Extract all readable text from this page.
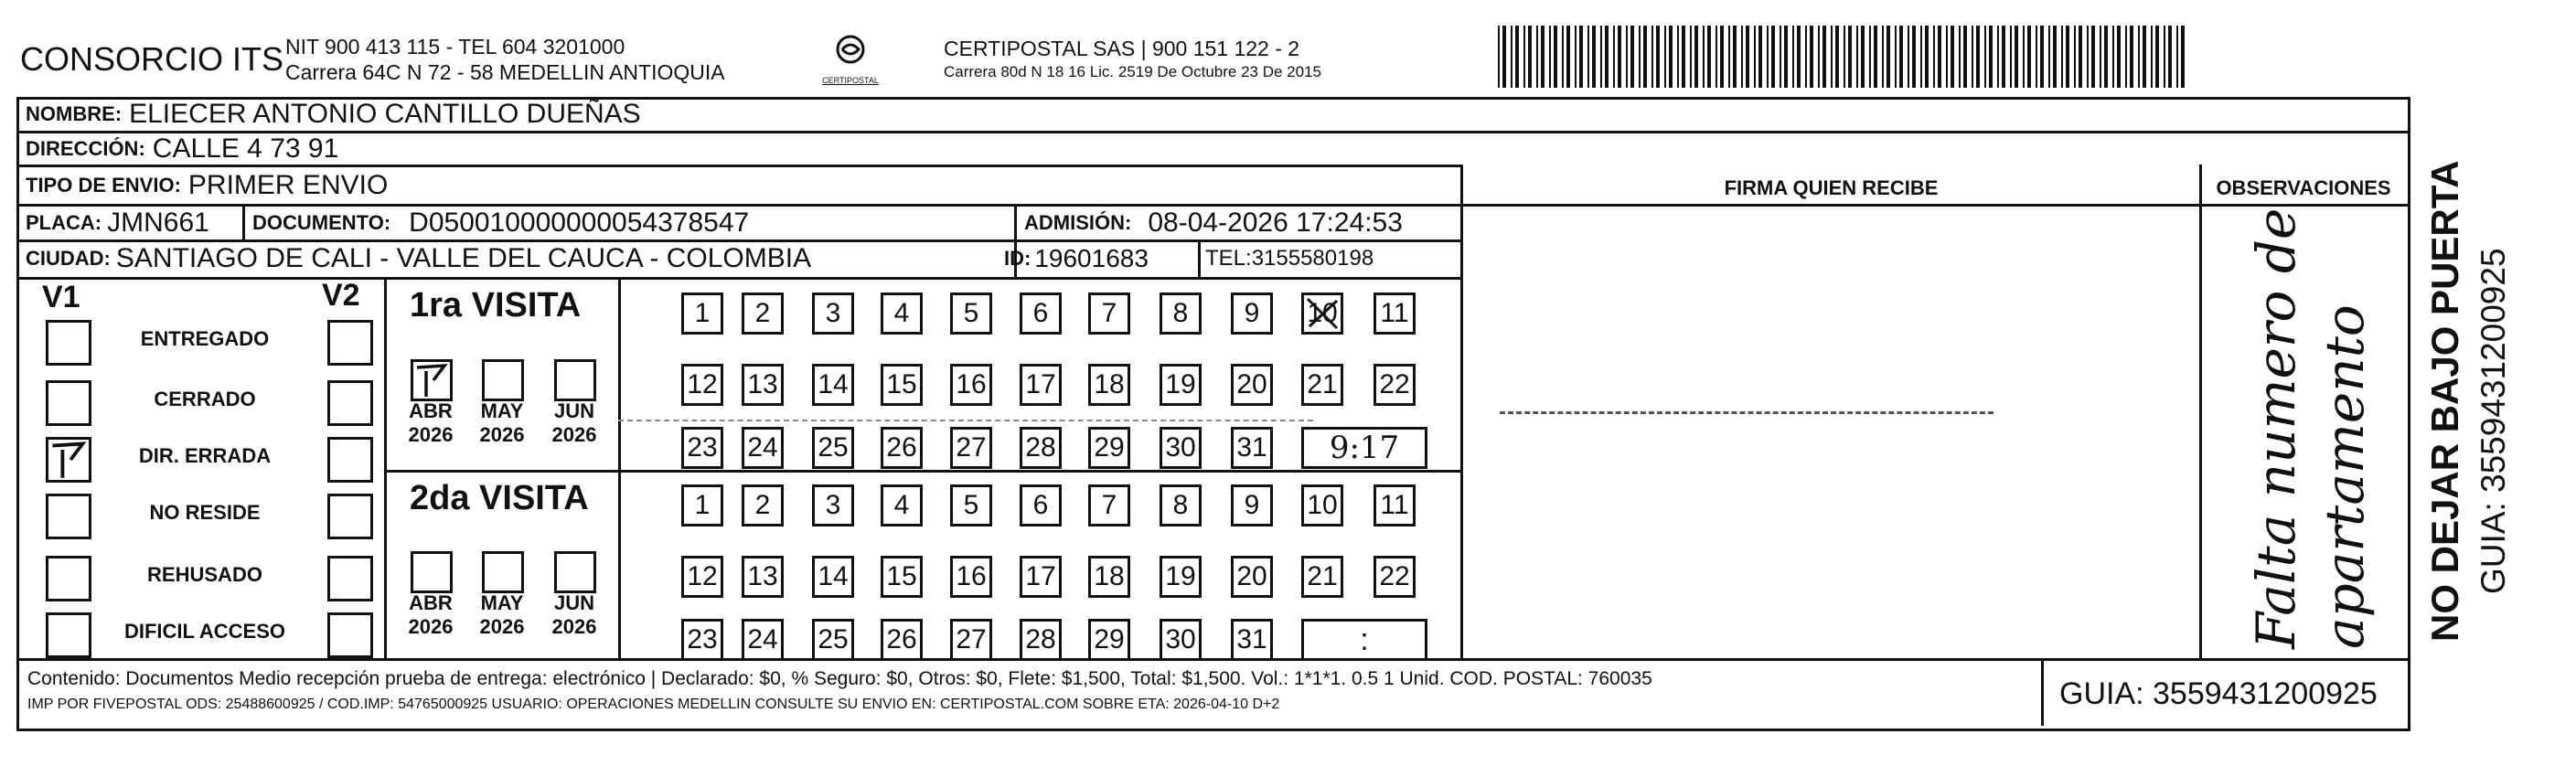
CONSORCIO ITS NIT 900 413 115 - TEL 604 3201000
Carrera 64C N 72 - 58 MEDELLIN ANTIOQUIA	CERTIPOSTAL
CERTIPOSTAL SAS | 900 151 122 - 2
Carrera 80d N 18 16 Lic. 2519 De Octubre 23 De 2015
NOMBRE: ELIECER ANTONIO CANTILLO DUEÑAS
DIRECCIÓN: CALLE 4 73 91
TIPO DE ENVIO: PRIMER ENVIO
PLACA: JMN661 DOCUMENTO: D050010000000054378547	ADMISIÓN: 08-04-2026 17:24:53
CIUDAD: SANTIAGO DE CALI - VALLE DEL CAUCA - COLOMBIA	ID: 19601683	TEL: 3155580198
FIRMA QUIEN RECIBE	OBSERVACIONES
Falta numero de apartamento
V1	V2
ENTREGADO
CERRADO
DIR. ERRADA
NO RESIDE
REHUSADO
DIFICIL ACCESO
1ra VISITA
ABR
2026
MAY
2026
JUN
2026
1	2	3	4	5	6	7	8	9	10 11
12 13 14 15 16 17 18 19 20 21 22
23 24 25 26 27 28 29 30 31	9:17
2da VISITA
ABR
2026
MAY
2026
JUN
2026
1	2	3	4	5	6	7	8	9	10 11
12 13 14 15 16 17 18 19 20 21 22
23 24 25 26 27 28 29 30 31	:
Contenido: Documentos Medio recepción prueba de entrega: electrónico | Declarado: $0, % Seguro: $0, Otros: $0, Flete: $1,500, Total: $1,500. Vol.: 1*1*1. 0.5 1 Unid. COD. POSTAL: 760035
IMP POR FIVEPOSTAL ODS: 25488600925 / COD.IMP: 54765000925 USUARIO: OPERACIONES MEDELLIN CONSULTE SU ENVIO EN: CERTIPOSTAL.COM SOBRE ETA: 2026-04-10 D+2	GUIA: 3559431200925
NO DEJAR BAJO PUERTA GUIA: 3559431200925
